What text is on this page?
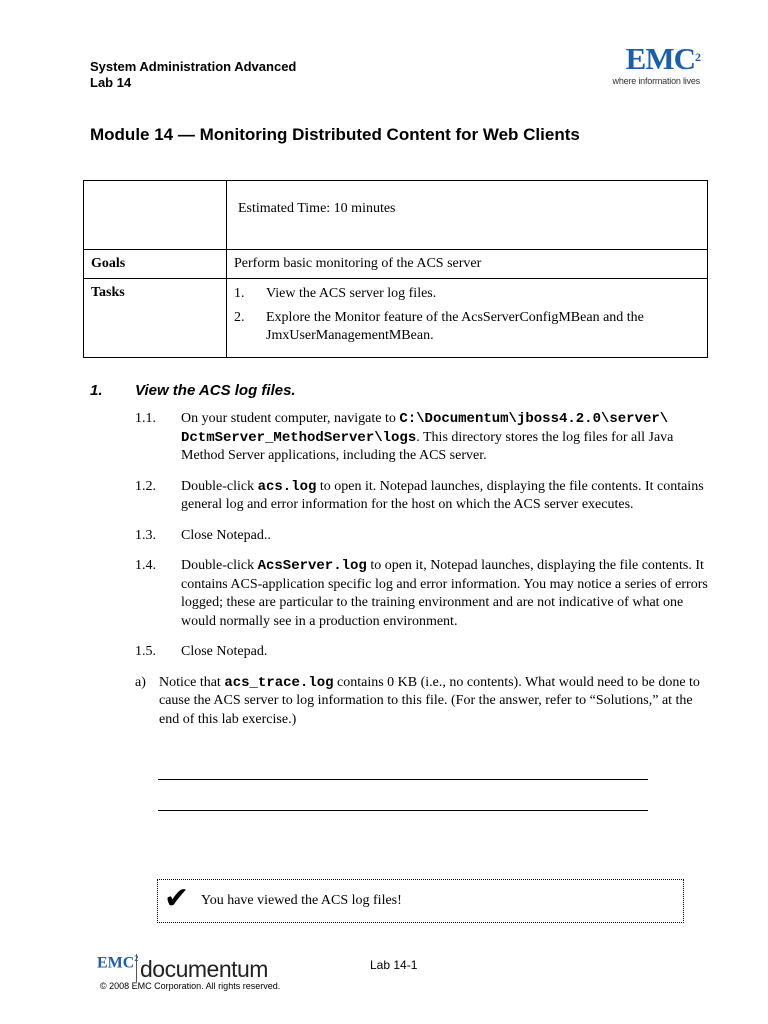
System Administration Advanced
Lab 14
EMC$^2$
where information lives
Module 14 — Monitoring Distributed Content for Web Clients
	Estimated Time: 10 minutes
Goals	Perform basic monitoring of the ACS server
Tasks	1. View the ACS server log files.
2. Explore the Monitor feature of the AcsServerConfigMBean and the JmxUserManagementMBean.
1. View the ACS log files.
1.1.	On your student computer, navigate to C:\Documentum\jboss4.2.0\server\ DctmServer_MethodServer\logs. This directory stores the log files for all Java Method Server applications, including the ACS server.
1.2.	Double-click acs.log to open it. Notepad launches, displaying the file contents. It contains general log and error information for the host on which the ACS server executes.
1.3.	Close Notepad..
1.4.	Double-click AcsServer.log to open it, Notepad launches, displaying the file contents. It contains ACS-application specific log and error information. You may notice a series of errors logged; these are particular to the training environment and are not indicative of what one would normally see in a production environment.
1.5.	Close Notepad.
a) Notice that acs_trace.log contains 0 KB (i.e., no contents). What would need to be done to cause the ACS server to log information to this file. (For the answer, refer to “Solutions,” at the end of this lab exercise.)
✔ You have viewed the ACS log files!
EMC$^2$ documentum
© 2008 EMC Corporation. All rights reserved.
Lab 14-1
